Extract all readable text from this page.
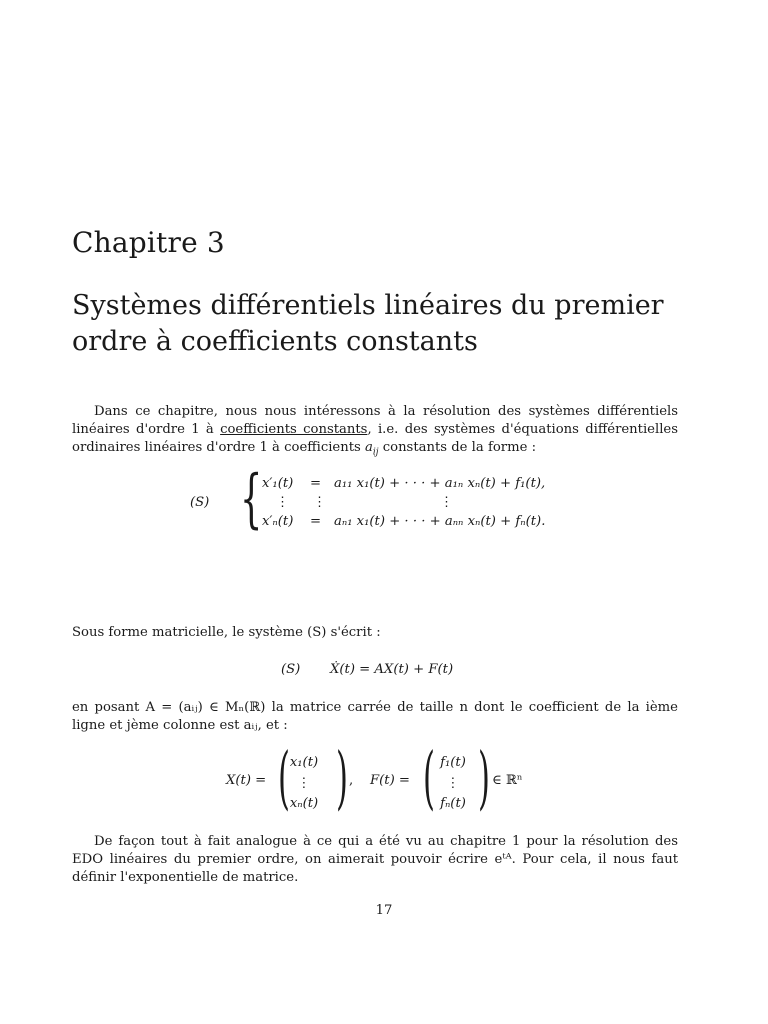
Chapitre 3
Systèmes différentiels linéaires du premier ordre à coefficients constants
Dans ce chapitre, nous nous intéressons à la résolution des systèmes différentiels linéaires d'ordre 1 à coefficients constants, i.e. des systèmes d'équations différentielles ordinaires linéaires d'ordre 1 à coefficients $a_{ij}$ constants de la forme :
(S) { x′₁(t) = a₁₁ x₁(t) + · · · + a₁ₙ xₙ(t) + f₁(t),
⋮ ⋮	⋮
x′ₙ(t) = aₙ₁ x₁(t) + · · · + aₙₙ xₙ(t) + fₙ(t).
Sous forme matricielle, le système (S) s'écrit :
(S) Ẋ(t) = AX(t) + F(t)
en posant A = (aᵢⱼ) ∈ Mₙ(ℝ) la matrice carrée de taille n dont le coefficient de la ième ligne et jème colonne est aᵢⱼ, et :
X(t) = ( x₁(t)
⋮
xₙ(t) ) , F(t) = ( f₁(t)
⋮
fₙ(t) ) ∈ ℝⁿ
De façon tout à fait analogue à ce qui a été vu au chapitre 1 pour la résolution des EDO linéaires du premier ordre, on aimerait pouvoir écrire eᵗᴬ. Pour cela, il nous faut définir l'exponentielle de matrice.
17
